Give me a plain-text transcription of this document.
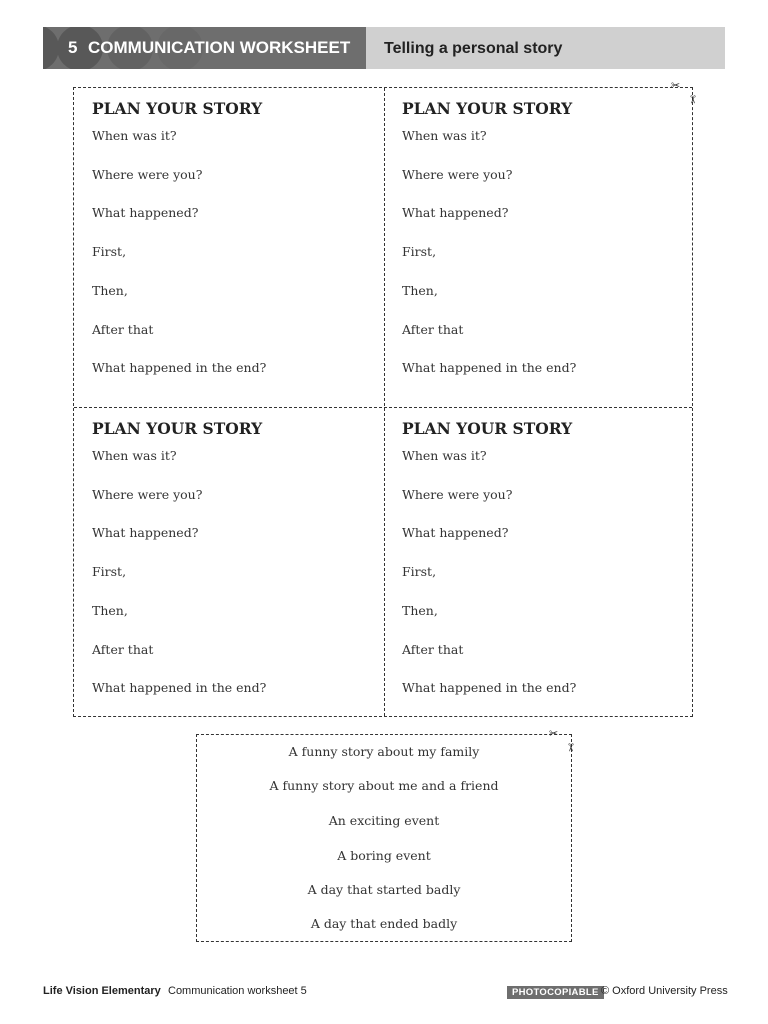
5 COMMUNICATION WORKSHEET Telling a personal story
PLAN YOUR STORY
When was it?
Where were you?
What happened?
First,
Then,
After that
What happened in the end?
PLAN YOUR STORY
When was it?
Where were you?
What happened?
First,
Then,
After that
What happened in the end?
PLAN YOUR STORY
When was it?
Where were you?
What happened?
First,
Then,
After that
What happened in the end?
PLAN YOUR STORY
When was it?
Where were you?
What happened?
First,
Then,
After that
What happened in the end?
✂
✂
A funny story about my family
A funny story about me and a friend
An exciting event
A boring event
A day that started badly
A day that ended badly
✂
✂
Life Vision Elementary Communication worksheet 5	PHOTOCOPIABLE © Oxford University Press
